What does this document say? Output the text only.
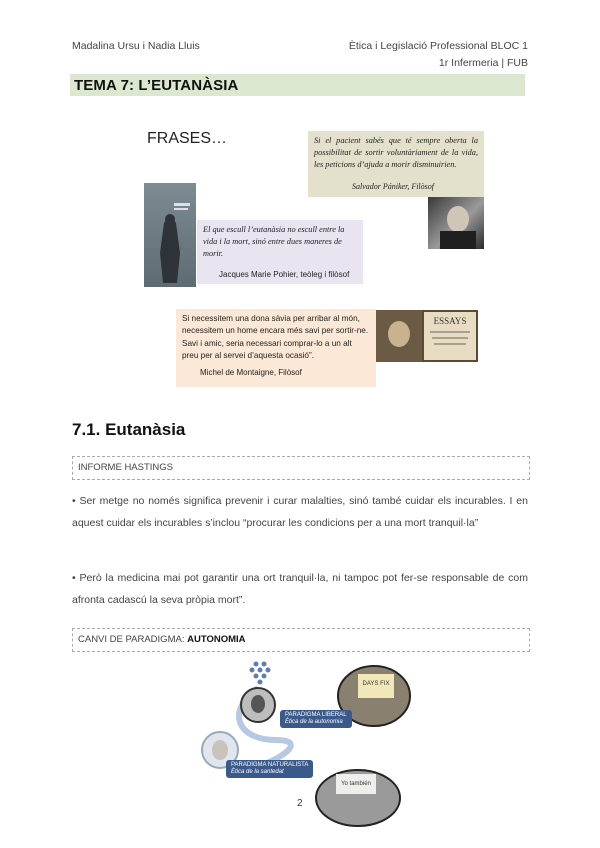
Madalina Ursu i Nadia Lluis	Ètica i Legislació Professional BLOC 1
1r Infermeria | FUB
TEMA 7: L’EUTANÀSIA
FRASES…	Si el pacient sabés que té sempre oberta la possibilitat de sortir voluntàriament de la vida, les peticions d’ajuda a morir disminuirien.
Salvador Pániker, Filòsof
El que escull l’eutanàsia no escull entre la vida i la mort, sinó entre dues maneres de morir.
Jacques Marie Pohier, teòleg i filòsof
Si necessitem una dona sàvia per arribar al món, necessitem un home encara més savi per sortir-ne. Savi i amic, seria necessari comprar-lo a un alt preu per al servei d’aquesta ocasió”.
Michel de Montaigne, Filòsof
ESSAYS
7.1. Eutanàsia
INFORME HASTINGS
• Ser metge no només significa prevenir i curar malalties, sinó també cuidar els incurables. I en aquest cuidar els incurables s’inclou “procurar les condicions per a una mort tranquil·la”
• Però la medicina mai pot garantir una ort tranquil·la, ni tampoc pot fer-se responsable de com afronta cadascú la seva pròpia mort”.
CANVI DE PARADIGMA: AUTONOMIA
DAYS FIX
Yo también
PARADIGMA LIBERAL
Ètica de la autonomia
PARADIGMA NATURALISTA
Ètica de la santedat
2
